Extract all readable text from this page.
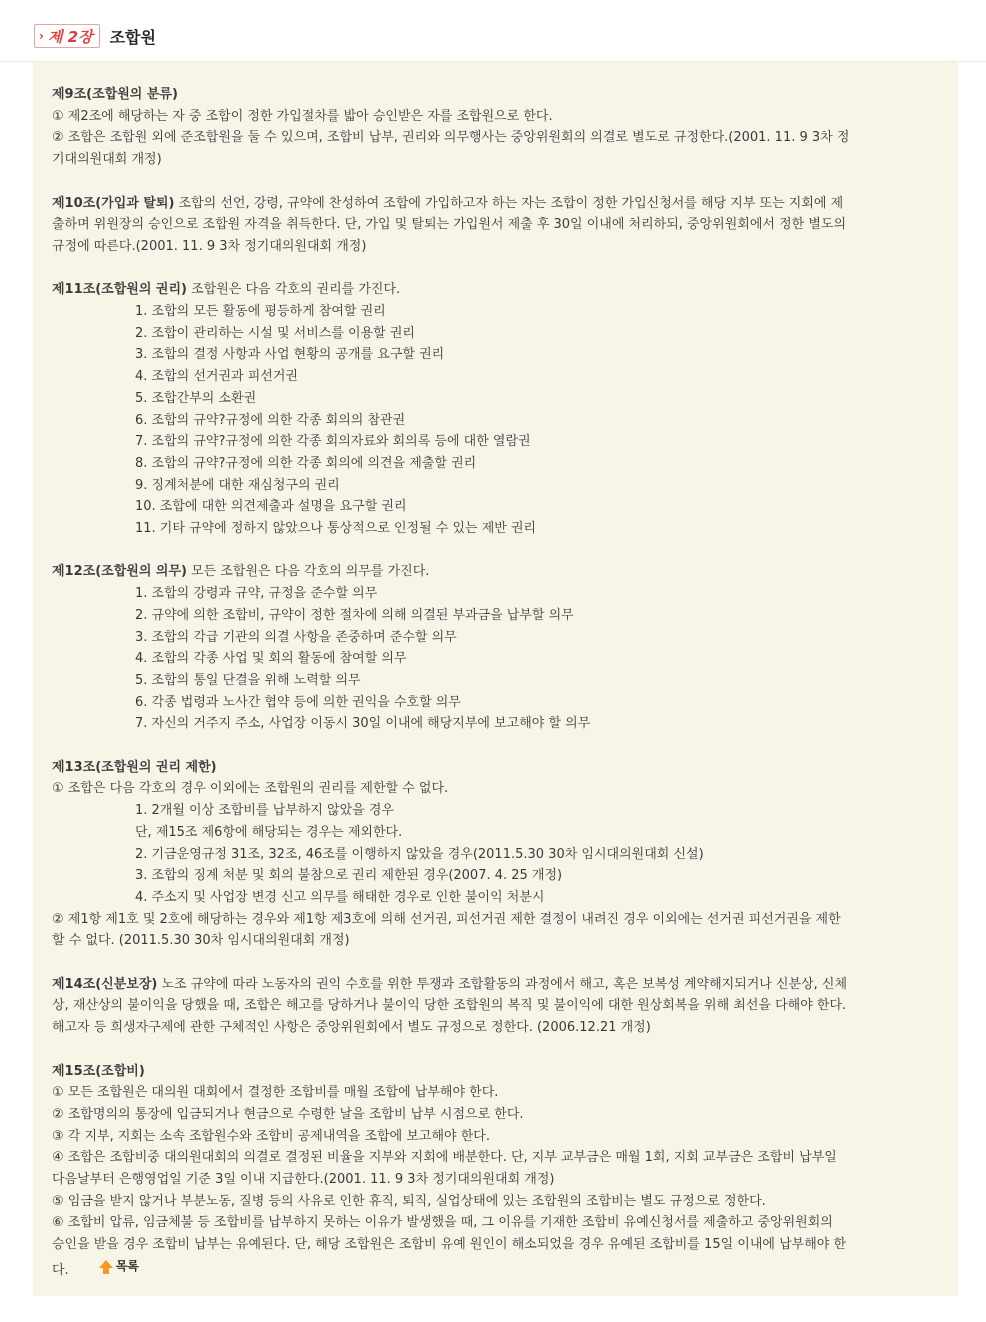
› 제 2장 조합원

제9조(조합원의 분류)

① 제2조에 해당하는 자 중 조합이 정한 가입절차를 밟아 승인받은 자를 조합원으로 한다.

② 조합은 조합원 외에 준조합원을 둘 수 있으며, 조합비 납부, 권리와 의무행사는 중앙위원회의 의결로 별도로 규정한다.(2001. 11. 9 3차 정

기대의원대회 개정)

제10조(가입과 탈퇴) 조합의 선언, 강령, 규약에 찬성하여 조합에 가입하고자 하는 자는 조합이 정한 가입신청서를 해당 지부 또는 지회에 제

출하며 위원장의 승인으로 조합원 자격을 취득한다. 단, 가입 및 탈퇴는 가입원서 제출 후 30일 이내에 처리하되, 중앙위원회에서 정한 별도의

규정에 따른다.(2001. 11. 9 3차 정기대의원대회 개정)

제11조(조합원의 권리) 조합원은 다음 각호의 권리를 가진다.

1. 조합의 모든 활동에 평등하게 참여할 권리

2. 조합이 관리하는 시설 및 서비스를 이용할 권리

3. 조합의 결정 사항과 사업 현황의 공개를 요구할 권리

4. 조합의 선거권과 피선거권

5. 조합간부의 소환권

6. 조합의 규약?규정에 의한 각종 회의의 참관권

7. 조합의 규약?규정에 의한 각종 회의자료와 회의록 등에 대한 열람권

8. 조합의 규약?규정에 의한 각종 회의에 의견을 제출할 권리

9. 징계처분에 대한 재심청구의 권리

10. 조합에 대한 의견제출과 설명을 요구할 권리

11. 기타 규약에 정하지 않았으나 통상적으로 인정될 수 있는 제반 권리

제12조(조합원의 의무) 모든 조합원은 다음 각호의 의무를 가진다.

1. 조합의 강령과 규약, 규정을 준수할 의무

2. 규약에 의한 조합비, 규약이 정한 절차에 의해 의결된 부과금을 납부할 의무

3. 조합의 각급 기관의 의결 사항을 존중하며 준수할 의무

4. 조합의 각종 사업 및 회의 활동에 참여할 의무

5. 조합의 통일 단결을 위해 노력할 의무

6. 각종 법령과 노사간 협약 등에 의한 권익을 수호할 의무

7. 자신의 거주지 주소, 사업장 이동시 30일 이내에 해당지부에 보고해야 할 의무

제13조(조합원의 권리 제한)

① 조합은 다음 각호의 경우 이외에는 조합원의 권리를 제한할 수 없다.

1. 2개월 이상 조합비를 납부하지 않았을 경우

단, 제15조 제6항에 해당되는 경우는 제외한다.

2. 기금운영규정 31조, 32조, 46조를 이행하지 않았을 경우(2011.5.30 30차 임시대의원대회 신설)

3. 조합의 징계 처분 및 회의 불참으로 권리 제한된 경우(2007. 4. 25 개정)

4. 주소지 및 사업장 변경 신고 의무를 해태한 경우로 인한 불이익 처분시

② 제1항 제1호 및 2호에 해당하는 경우와 제1항 제3호에 의해 선거권, 피선거권 제한 결정이 내려진 경우 이외에는 선거권 피선거권을 제한

할 수 없다. (2011.5.30 30차 임시대의원대회 개정)

제14조(신분보장) 노조 규약에 따라 노동자의 권익 수호를 위한 투쟁과 조합활동의 과정에서 해고, 혹은 보복성 계약해지되거나 신분상, 신체

상, 재산상의 불이익을 당했을 때, 조합은 해고를 당하거나 불이익 당한 조합원의 복직 및 불이익에 대한 원상회복을 위해 최선을 다해야 한다.

해고자 등 희생자구제에 관한 구체적인 사항은 중앙위원회에서 별도 규정으로 정한다. (2006.12.21 개정)

제15조(조합비)

① 모든 조합원은 대의원 대회에서 결정한 조합비를 매월 조합에 납부해야 한다.

② 조합명의의 통장에 입금되거나 현금으로 수령한 날을 조합비 납부 시점으로 한다.

③ 각 지부, 지회는 소속 조합원수와 조합비 공제내역을 조합에 보고해야 한다.

④ 조합은 조합비중 대의원대회의 의결로 결정된 비율을 지부와 지회에 배분한다. 단, 지부 교부금은 매월 1회, 지회 교부금은 조합비 납부일

다음날부터 은행영업일 기준 3일 이내 지급한다.(2001. 11. 9 3차 정기대의원대회 개정)

⑤ 임금을 받지 않거나 부분노동, 질병 등의 사유로 인한 휴직, 퇴직, 실업상태에 있는 조합원의 조합비는 별도 규정으로 정한다.

⑥ 조합비 압류, 임금체불 등 조합비를 납부하지 못하는 이유가 발생했을 때, 그 이유를 기재한 조합비 유예신청서를 제출하고 중앙위원회의

승인을 받을 경우 조합비 납부는 유예된다. 단, 해당 조합원은 조합비 유예 원인이 해소되었을 경우 유예된 조합비를 15일 이내에 납부해야 한

다.	목록
